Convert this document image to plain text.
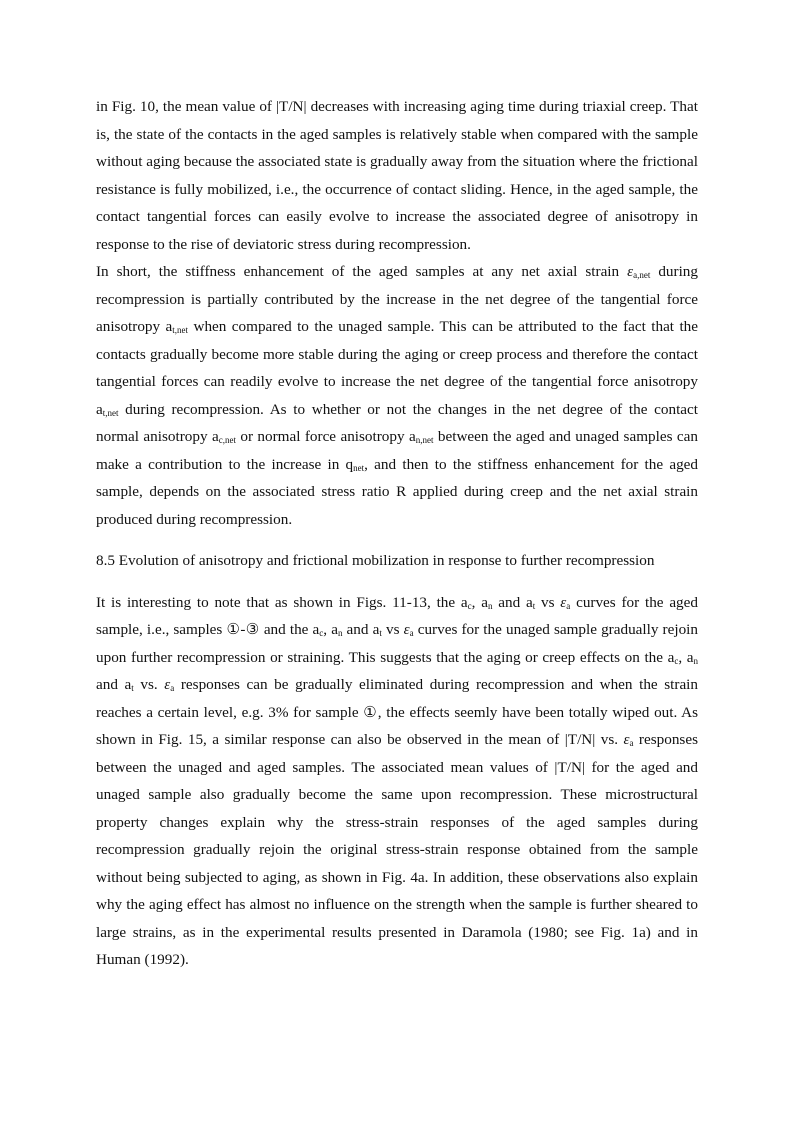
in Fig. 10, the mean value of |T/N| decreases with increasing aging time during triaxial creep. That is, the state of the contacts in the aged samples is relatively stable when compared with the sample without aging because the associated state is gradually away from the situation where the frictional resistance is fully mobilized, i.e., the occurrence of contact sliding. Hence, in the aged sample, the contact tangential forces can easily evolve to increase the associated degree of anisotropy in response to the rise of deviatoric stress during recompression.

In short, the stiffness enhancement of the aged samples at any net axial strain $\varepsilon_{a,net}$ during recompression is partially contributed by the increase in the net degree of the tangential force anisotropy $a_{t,net}$ when compared to the unaged sample. This can be attributed to the fact that the contacts gradually become more stable during the aging or creep process and therefore the contact tangential forces can readily evolve to increase the net degree of the tangential force anisotropy $a_{t,net}$ during recompression. As to whether or not the changes in the net degree of the contact normal anisotropy $a_{c,net}$ or normal force anisotropy $a_{n,net}$ between the aged and unaged samples can make a contribution to the increase in $q_{net}$, and then to the stiffness enhancement for the aged sample, depends on the associated stress ratio R applied during creep and the net axial strain produced during recompression.

8.5 Evolution of anisotropy and frictional mobilization in response to further recompression

It is interesting to note that as shown in Figs. 11-13, the $a_c$, $a_n$ and $a_t$ vs $\varepsilon_a$ curves for the aged sample, i.e., samples ①-③ and the $a_c$, $a_n$ and $a_t$ vs $\varepsilon_a$ curves for the unaged sample gradually rejoin upon further recompression or straining. This suggests that the aging or creep effects on the $a_c$, $a_n$ and $a_t$ vs. $\varepsilon_a$ responses can be gradually eliminated during recompression and when the strain reaches a certain level, e.g. 3% for sample ①, the effects seemly have been totally wiped out. As shown in Fig. 15, a similar response can also be observed in the mean of |T/N| vs. $\varepsilon_a$ responses between the unaged and aged samples. The associated mean values of |T/N| for the aged and unaged sample also gradually become the same upon recompression. These microstructural property changes explain why the stress-strain responses of the aged samples during recompression gradually rejoin the original stress-strain response obtained from the sample without being subjected to aging, as shown in Fig. 4a. In addition, these observations also explain why the aging effect has almost no influence on the strength when the sample is further sheared to large strains, as in the experimental results presented in Daramola (1980; see Fig. 1a) and in Human (1992).
